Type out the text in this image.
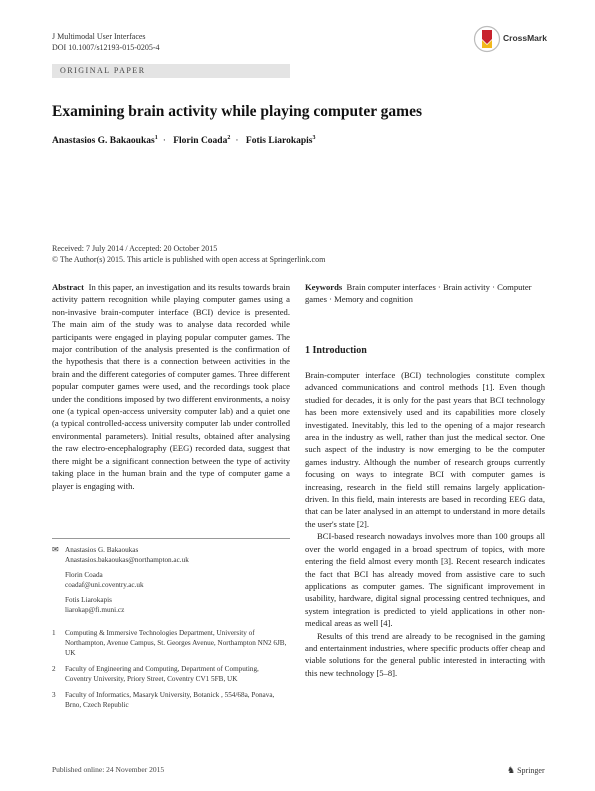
J Multimodal User Interfaces
DOI 10.1007/s12193-015-0205-4
CrossMark
ORIGINAL PAPER
Examining brain activity while playing computer games
Anastasios G. Bakaoukas$^1$ · Florin Coada$^2$ · Fotis Liarokapis$^3$
Received: 7 July 2014 / Accepted: 20 October 2015
© The Author(s) 2015. This article is published with open access at Springerlink.com

Abstract In this paper, an investigation and its results towards brain activity pattern recognition while playing computer games using a non-invasive brain-computer interface (BCI) device is presented. The main aim of the study was to analyse data recorded while participants were engaged in playing popular computer games. The major contribution of the analysis presented is the confirmation of the hypothesis that there is a connection between activities in the brain and the different categories of computer games. Three different popular computer games were used, and the recordings took place under the conditions imposed by two different environments, a noisy one (a typical open-access university computer lab) and a quiet one (a typical controlled-access university computer lab under controlled environmental parameters). Initial results, obtained after analysing the raw electro-encephalography (EEG) recorded data, suggest that there might be a significant connection between the type of activity taking place in the human brain and the type of computer game a player is engaging with.

✉ Anastasios G. Bakaoukas
Anastasios.bakaoukas@northampton.ac.uk
Florin Coada
coadaf@uni.coventry.ac.uk
Fotis Liarokapis
liarokap@fi.muni.cz
1 Computing & Immersive Technologies Department, University of Northampton, Avenue Campus, St. Georges Avenue, Northampton NN2 6JB, UK
2 Faculty of Engineering and Computing, Department of Computing, Coventry University, Priory Street, Coventry CV1 5FB, UK
3 Faculty of Informatics, Masaryk University, Botanick , 554/68a, Ponava, Brno, Czech Republic
Keywords Brain computer interfaces · Brain activity · Computer games · Memory and cognition
1 Introduction

Brain-computer interface (BCI) technologies constitute complex advanced communications and control methods [1]. Even though studied for decades, it is only for the past years that BCI technology has been more extensively used and its capabilities more closely investigated. Inevitably, this led to the opening of a major research area in the industry as well, rather than just the medical sector. One such aspect of the industry is now emerging to be the computer games industry. Although the number of research groups currently focusing on ways to integrate BCI with computer games is increasing, research in the field still remains largely application-driven. In this field, main interests are based in recording EEG data, that can be later analysed in an attempt to understand in more details the user's state [2].

BCI-based research nowadays involves more than 100 groups all over the world engaged in a broad spectrum of topics, with more entering the field almost every month [3]. Recent research indicates the fact that BCI has already moved from assistive care to such applications as computer games. The significant improvement in usability, hardware, digital signal processing centred techniques, and system integration is predicted to yield applications in other non-medical areas as well [4].

Results of this trend are already to be recognised in the gaming and entertainment industries, where specific products offer cheap and viable solutions for the general public interested in interacting with this new technology [5–8].

Published online: 24 November 2015	♞ Springer
